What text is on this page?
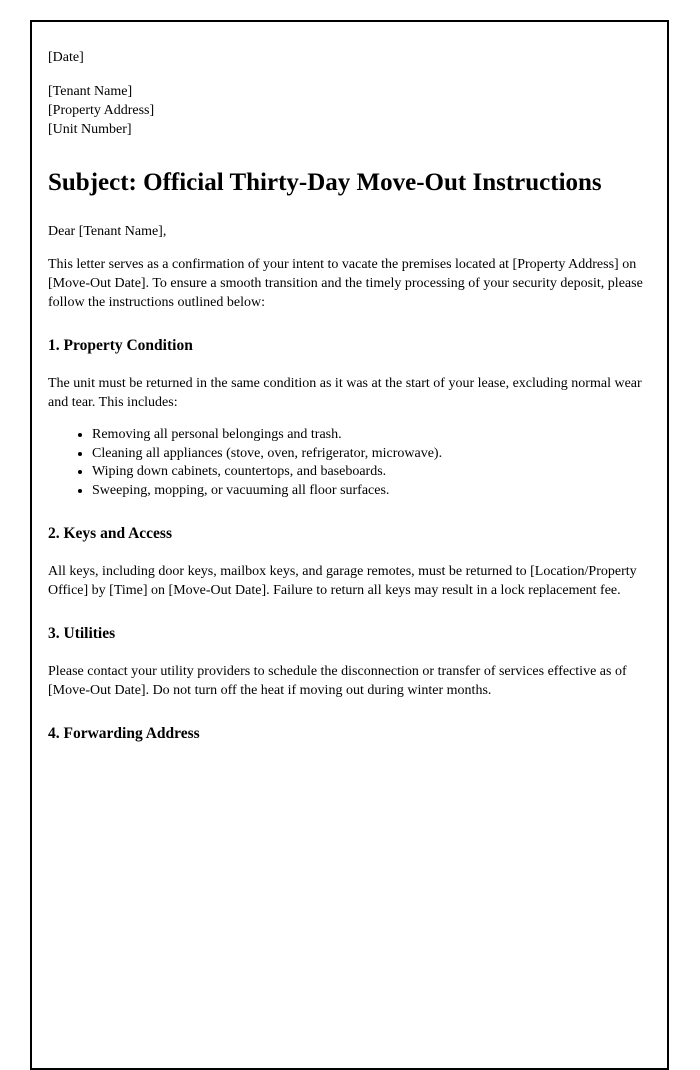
[Date]

[Tenant Name]

[Property Address]

[Unit Number]

Subject: Official Thirty-Day Move-Out Instructions

Dear [Tenant Name],

This letter serves as a confirmation of your intent to vacate the premises located at [Property Address] on [Move-Out Date]. To ensure a smooth transition and the timely processing of your security deposit, please follow the instructions outlined below:

1. Property Condition

The unit must be returned in the same condition as it was at the start of your lease, excluding normal wear and tear. This includes:

• Removing all personal belongings and trash.
• Cleaning all appliances (stove, oven, refrigerator, microwave).
• Wiping down cabinets, countertops, and baseboards.
• Sweeping, mopping, or vacuuming all floor surfaces.
2. Keys and Access

All keys, including door keys, mailbox keys, and garage remotes, must be returned to [Location/Property Office] by [Time] on [Move-Out Date]. Failure to return all keys may result in a lock replacement fee.

3. Utilities

Please contact your utility providers to schedule the disconnection or transfer of services effective as of [Move-Out Date]. Do not turn off the heat if moving out during winter months.

4. Forwarding Address
